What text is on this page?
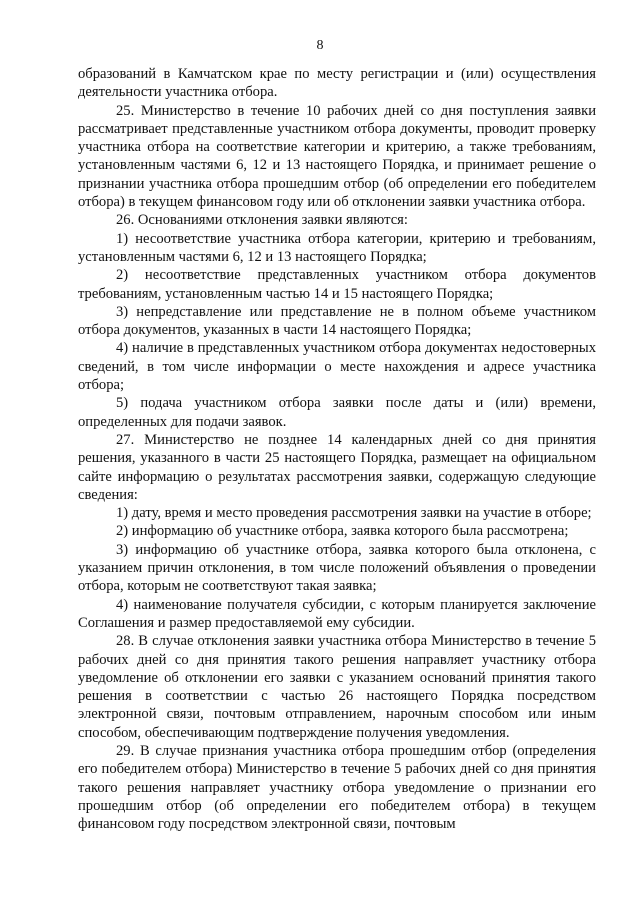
8

образований в Камчатском крае по месту регистрации и (или) осуществления деятельности участника отбора.

25. Министерство в течение 10 рабочих дней со дня поступления заявки рассматривает представленные участником отбора документы, проводит проверку участника отбора на соответствие категории и критерию, а также требованиям, установленным частями 6, 12 и 13 настоящего Порядка, и принимает решение о признании участника отбора прошедшим отбор (об определении его победителем отбора) в текущем финансовом году или об отклонении заявки участника отбора.

26. Основаниями отклонения заявки являются:

1) несоответствие участника отбора категории, критерию и требованиям, установленным частями 6, 12 и 13 настоящего Порядка;

2) несоответствие представленных участником отбора документов требованиям, установленным частью 14 и 15 настоящего Порядка;

3) непредставление или представление не в полном объеме участником отбора документов, указанных в части 14 настоящего Порядка;

4) наличие в представленных участником отбора документах недостоверных сведений, в том числе информации о месте нахождения и адресе участника отбора;

5) подача участником отбора заявки после даты и (или) времени, определенных для подачи заявок.

27. Министерство не позднее 14 календарных дней со дня принятия решения, указанного в части 25 настоящего Порядка, размещает на официальном сайте информацию о результатах рассмотрения заявки, содержащую следующие сведения:

1) дату, время и место проведения рассмотрения заявки на участие в отборе;

2) информацию об участнике отбора, заявка которого была рассмотрена;

3) информацию об участнике отбора, заявка которого была отклонена, с указанием причин отклонения, в том числе положений объявления о проведении отбора, которым не соответствуют такая заявка;

4) наименование получателя субсидии, с которым планируется заключение Соглашения и размер предоставляемой ему субсидии.

28. В случае отклонения заявки участника отбора Министерство в течение 5 рабочих дней со дня принятия такого решения направляет участнику отбора уведомление об отклонении его заявки с указанием оснований принятия такого решения в соответствии с частью 26 настоящего Порядка посредством электронной связи, почтовым отправлением, нарочным способом или иным способом, обеспечивающим подтверждение получения уведомления.

29. В случае признания участника отбора прошедшим отбор (определения его победителем отбора) Министерство в течение 5 рабочих дней со дня принятия такого решения направляет участнику отбора уведомление о признании его прошедшим отбор (об определении его победителем отбора) в текущем финансовом году посредством электронной связи, почтовым
